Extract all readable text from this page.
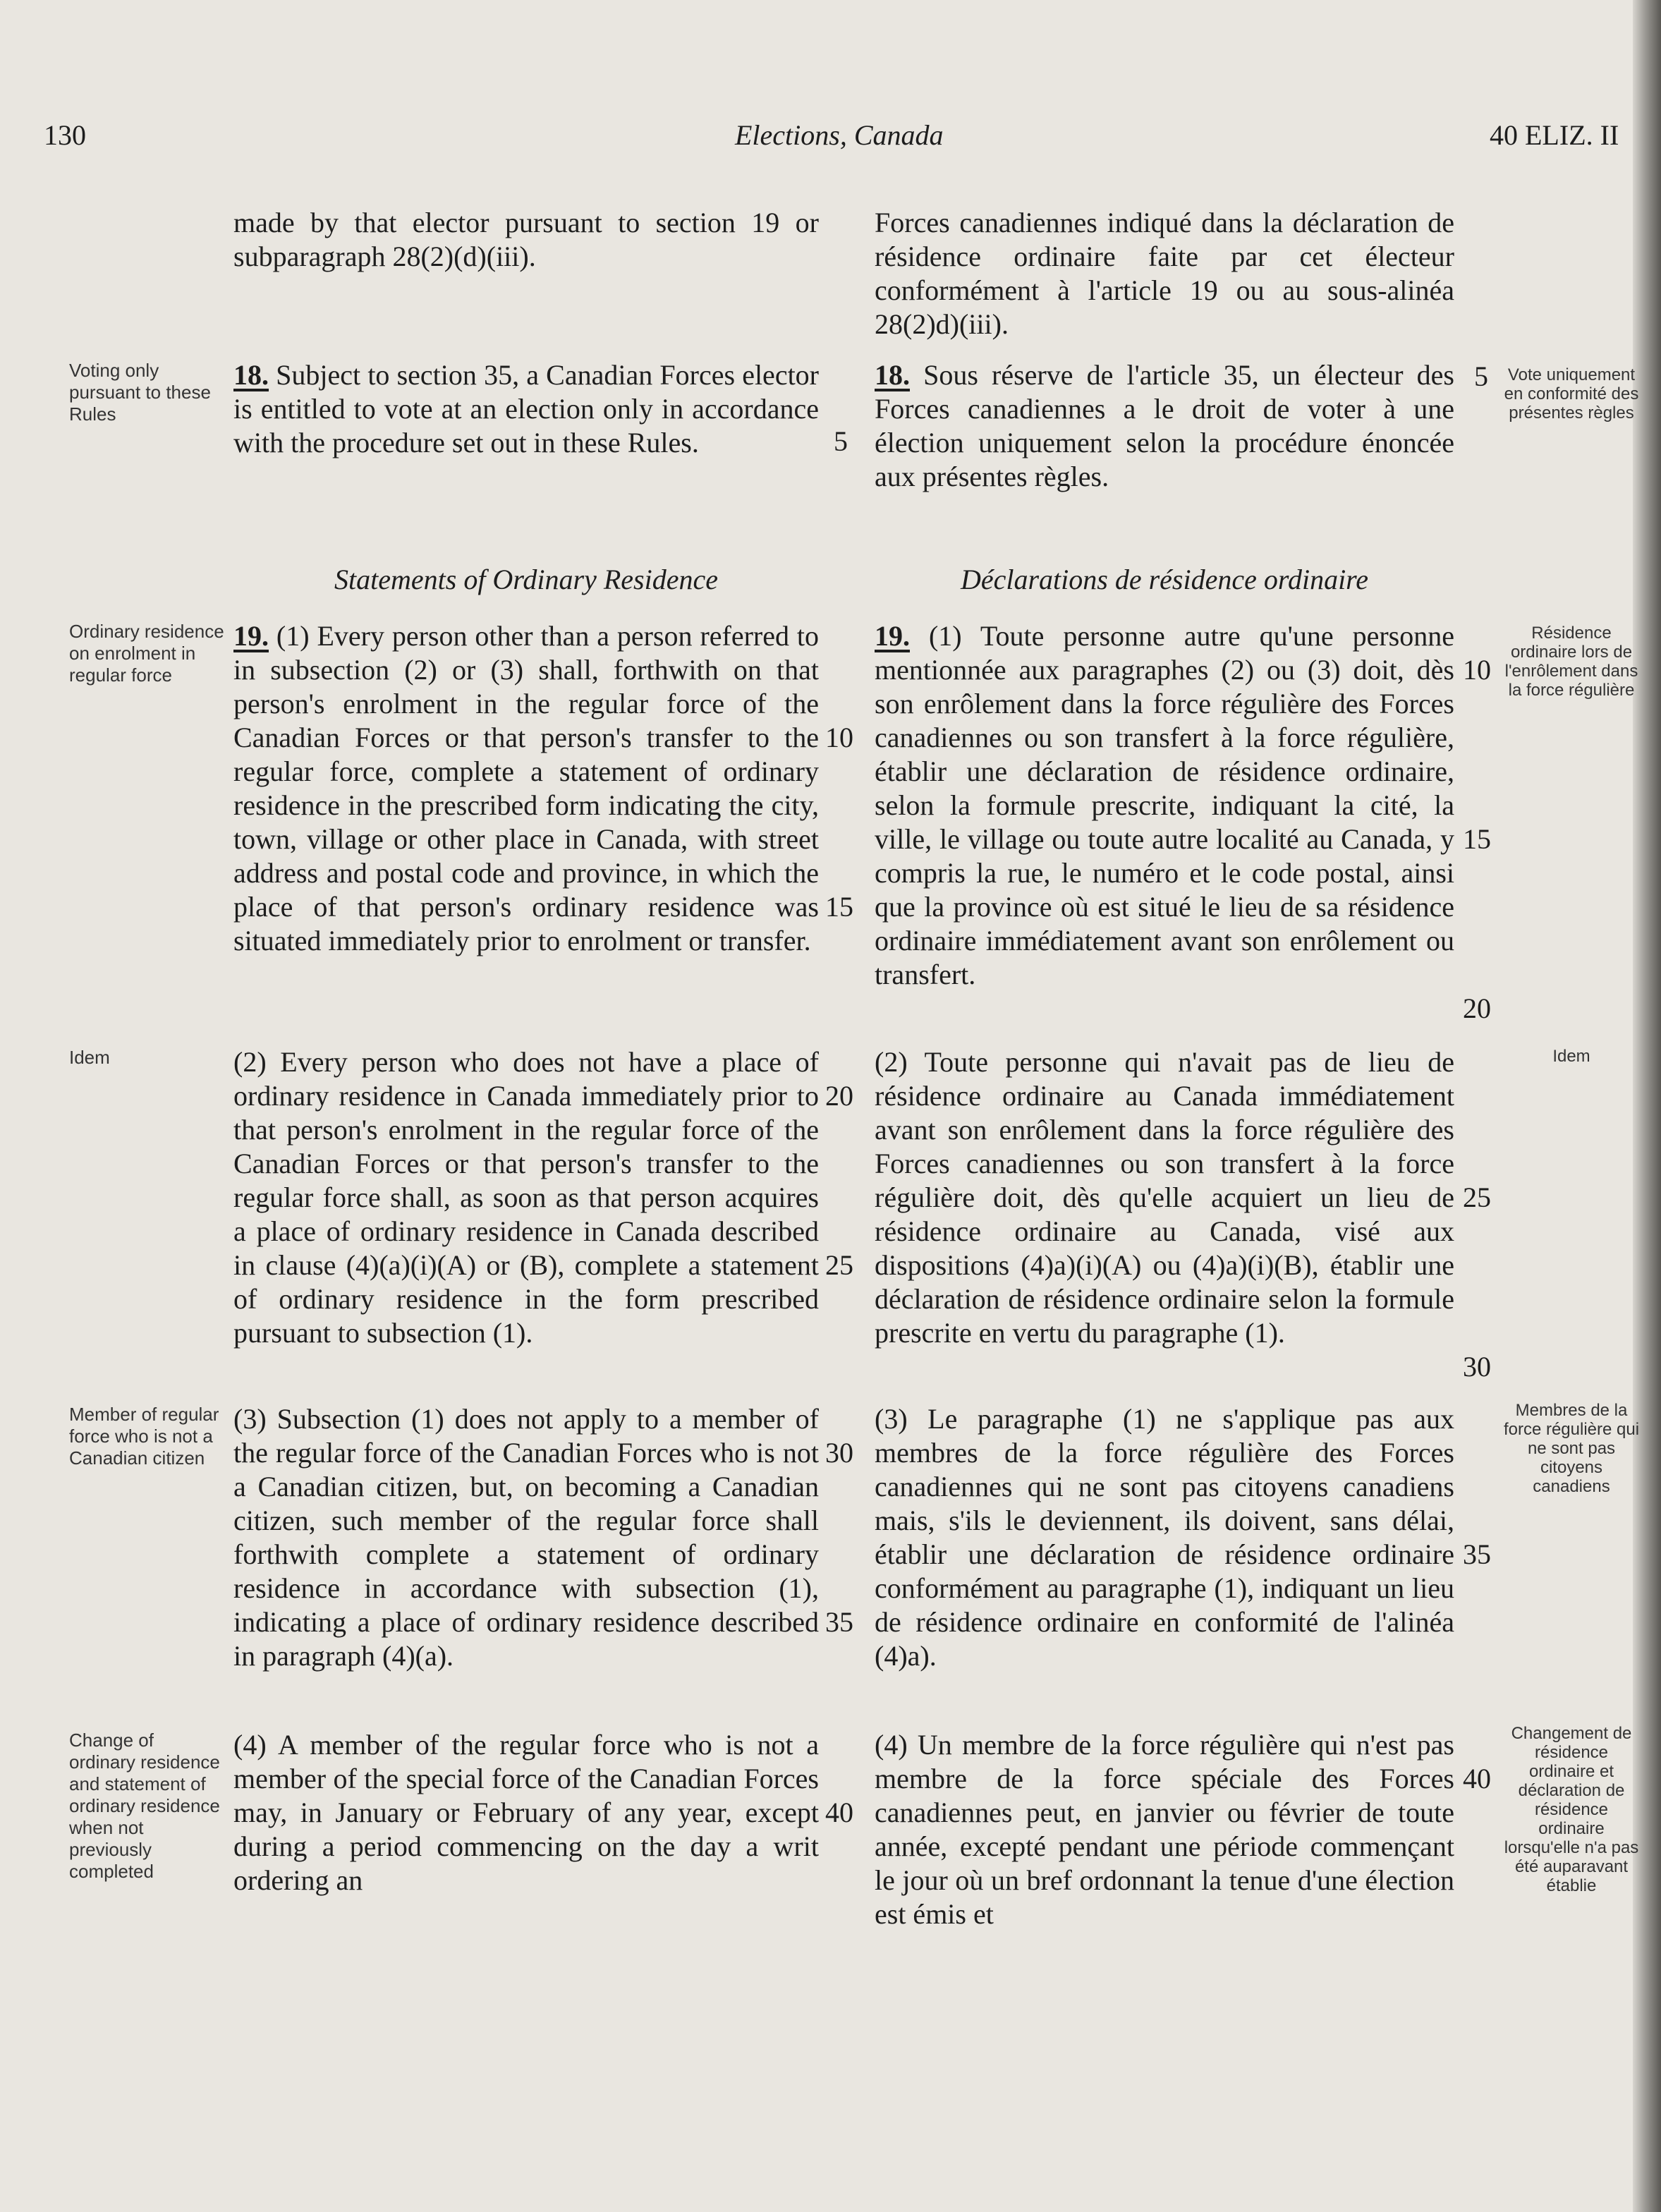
130	Elections, Canada	40 ELIZ. II
Voting only pursuant to these Rules
Ordinary residence on enrolment in regular force
Idem
Member of regular force who is not a Canadian citizen
Change of ordinary residence and statement of ordinary residence when not previously completed
Vote uniquement en conformité des présentes règles
Résidence ordinaire lors de l'enrôlement dans la force régulière
Idem
Membres de la force régulière qui ne sont pas citoyens canadiens
Changement de résidence ordinaire et déclaration de résidence ordinaire lorsqu'elle n'a pas été auparavant établie

made by that elector pursuant to section 19 or subparagraph 28(2)(d)(iii).

18. Subject to section 35, a Canadian Forces elector is entitled to vote at an election only in accordance with the procedure set out in these Rules.

Statements of Ordinary Residence

19. (1) Every person other than a person referred to in subsection (2) or (3) shall, forthwith on that person's enrolment in the regular force of the Canadian Forces or that person's transfer to the regular force, complete a statement of ordinary residence in the prescribed form indicating the city, town, village or other place in Canada, with street address and postal code and province, in which the place of that person's ordinary residence was situated immediately prior to enrolment or transfer.

(2) Every person who does not have a place of ordinary residence in Canada immediately prior to that person's enrolment in the regular force of the Canadian Forces or that person's transfer to the regular force shall, as soon as that person acquires a place of ordinary residence in Canada described in clause (4)(a)(i)(A) or (B), complete a statement of ordinary residence in the form prescribed pursuant to subsection (1).

(3) Subsection (1) does not apply to a member of the regular force of the Canadian Forces who is not a Canadian citizen, but, on becoming a Canadian citizen, such member of the regular force shall forthwith complete a statement of ordinary residence in accordance with subsection (1), indicating a place of ordinary residence described in paragraph (4)(a).

(4) A member of the regular force who is not a member of the special force of the Canadian Forces may, in January or February of any year, except during a period commencing on the day a writ ordering an

5
10
15
20
25
30
35
40

Forces canadiennes indiqué dans la déclaration de résidence ordinaire faite par cet électeur conformément à l'article 19 ou au sous-alinéa 28(2)d)(iii).

18. Sous réserve de l'article 35, un électeur des Forces canadiennes a le droit de voter à une élection uniquement selon la procédure énoncée aux présentes règles.

Déclarations de résidence ordinaire

19. (1) Toute personne autre qu'une personne mentionnée aux paragraphes (2) ou (3) doit, dès son enrôlement dans la force régulière des Forces canadiennes ou son transfert à la force régulière, établir une déclaration de résidence ordinaire, selon la formule prescrite, indiquant la cité, la ville, le village ou toute autre localité au Canada, y compris la rue, le numéro et le code postal, ainsi que la province où est situé le lieu de sa résidence ordinaire immédiatement avant son enrôlement ou transfert.

(2) Toute personne qui n'avait pas de lieu de résidence ordinaire au Canada immédiatement avant son enrôlement dans la force régulière des Forces canadiennes ou son transfert à la force régulière doit, dès qu'elle acquiert un lieu de résidence ordinaire au Canada, visé aux dispositions (4)a)(i)(A) ou (4)a)(i)(B), établir une déclaration de résidence ordinaire selon la formule prescrite en vertu du paragraphe (1).

(3) Le paragraphe (1) ne s'applique pas aux membres de la force régulière des Forces canadiennes qui ne sont pas citoyens canadiens mais, s'ils le deviennent, ils doivent, sans délai, établir une déclaration de résidence ordinaire conformément au paragraphe (1), indiquant un lieu de résidence ordinaire en conformité de l'alinéa (4)a).

(4) Un membre de la force régulière qui n'est pas membre de la force spéciale des Forces canadiennes peut, en janvier ou février de toute année, excepté pendant une période commençant le jour où un bref ordonnant la tenue d'une élection est émis et

5
10
15
20
25
30
35
40
